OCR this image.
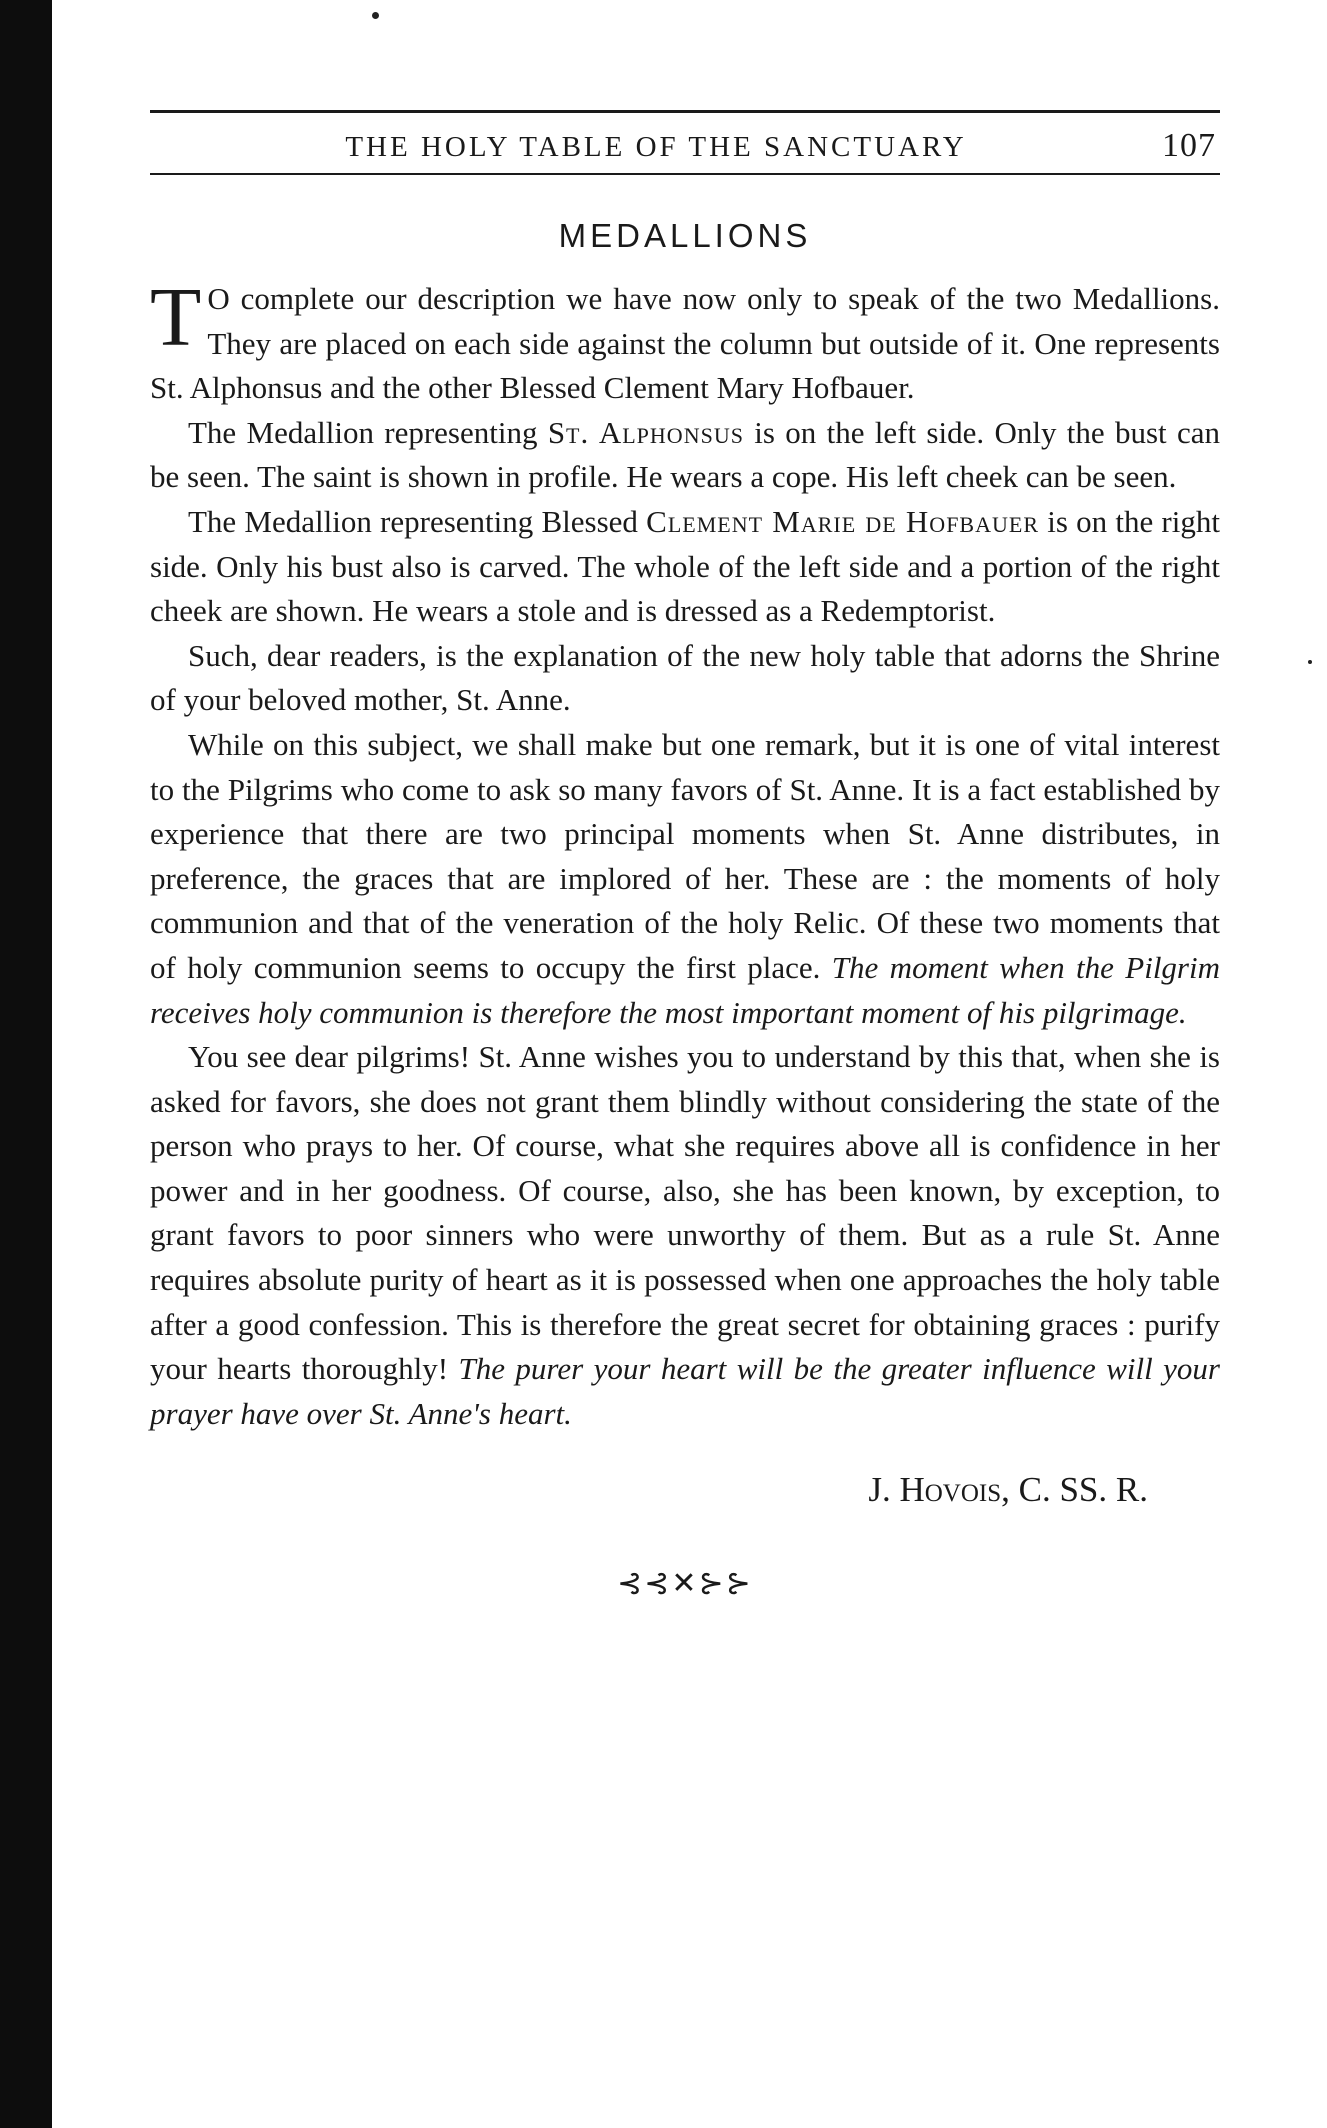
THE HOLY TABLE OF THE SANCTUARY	107
MEDALLIONS

T O complete our description we have now only to speak of the two Medallions. They are placed on each side against the column but outside of it. One represents St. Alphonsus and the other Blessed Clement Mary Hofbauer.

The Medallion representing St. Alphonsus is on the left side. Only the bust can be seen. The saint is shown in profile. He wears a cope. His left cheek can be seen.

The Medallion representing Blessed Clement Marie de Hofbauer is on the right side. Only his bust also is carved. The whole of the left side and a portion of the right cheek are shown. He wears a stole and is dressed as a Redemptorist.

Such, dear readers, is the explanation of the new holy table that adorns the Shrine of your beloved mother, St. Anne.

While on this subject, we shall make but one remark, but it is one of vital interest to the Pilgrims who come to ask so many favors of St. Anne. It is a fact established by experience that there are two principal moments when St. Anne distributes, in preference, the graces that are implored of her. These are : the moments of holy communion and that of the veneration of the holy Relic. Of these two moments that of holy communion seems to occupy the first place. The moment when the Pilgrim receives holy communion is therefore the most important moment of his pilgrimage.

You see dear pilgrims! St. Anne wishes you to understand by this that, when she is asked for favors, she does not grant them blindly without considering the state of the person who prays to her. Of course, what she requires above all is confidence in her power and in her goodness. Of course, also, she has been known, by exception, to grant favors to poor sinners who were unworthy of them. But as a rule St. Anne requires absolute purity of heart as it is possessed when one approaches the holy table after a good confession. This is therefore the great secret for obtaining graces : purify your hearts thoroughly! The purer your heart will be the greater influence will your prayer have over St. Anne's heart.

J. Hovois, C. SS. R.
⊰⊰✕⊱⊱
